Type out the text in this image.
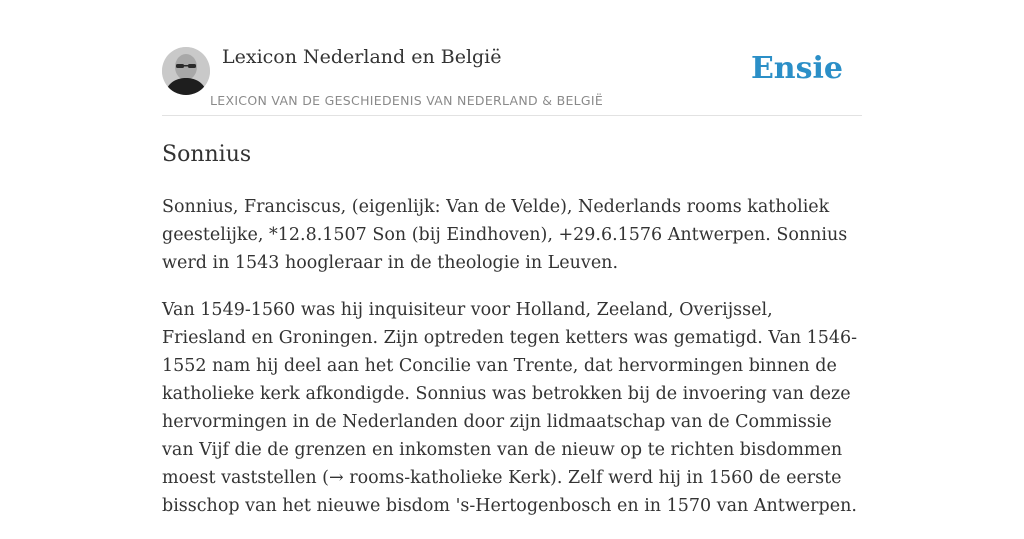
Lexicon Nederland en België
LEXICON VAN DE GESCHIEDENIS VAN NEDERLAND & BELGIË
Ensie
Sonnius

Sonnius, Franciscus, (eigenlijk: Van de Velde), Nederlands rooms katholiek geestelijke, *12.8.1507 Son (bij Eindhoven), +29.6.1576 Antwerpen. Sonnius werd in 1543 hoogleraar in de theologie in Leuven.

Van 1549-1560 was hij inquisiteur voor Holland, Zeeland, Overijssel, Friesland en Groningen. Zijn optreden tegen ketters was gematigd. Van 1546-1552 nam hij deel aan het Concilie van Trente, dat hervormingen binnen de katholieke kerk afkondigde. Sonnius was betrokken bij de invoering van deze hervormingen in de Nederlanden door zijn lidmaatschap van de Commissie van Vijf die de grenzen en inkomsten van de nieuw op te richten bisdommen moest vaststellen (→ rooms-katholieke Kerk). Zelf werd hij in 1560 de eerste bisschop van het nieuwe bisdom 's-Hertogenbosch en in 1570 van Antwerpen.
